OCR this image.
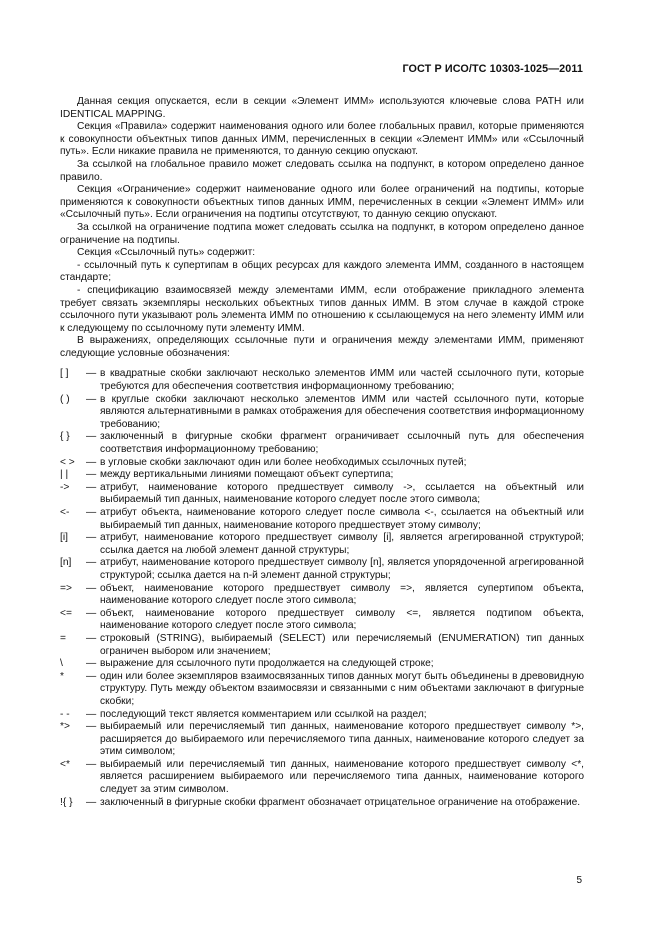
ГОСТ Р ИСО/ТС 10303-1025—2011

Данная секция опускается, если в секции «Элемент ИММ» используются ключевые слова PATH или IDENTICAL MAPPING.

Секция «Правила» содержит наименования одного или более глобальных правил, которые применяются к совокупности объектных типов данных ИММ, перечисленных в секции «Элемент ИММ» или «Ссылочный путь». Если никакие правила не применяются, то данную секцию опускают.

За ссылкой на глобальное правило может следовать ссылка на подпункт, в котором определено данное правило.

Секция «Ограничение» содержит наименование одного или более ограничений на подтипы, которые применяются к совокупности объектных типов данных ИММ, перечисленных в секции «Элемент ИММ» или «Ссылочный путь». Если ограничения на подтипы отсутствуют, то данную секцию опускают.

За ссылкой на ограничение подтипа может следовать ссылка на подпункт, в котором определено данное ограничение на подтипы.

Секция «Ссылочный путь» содержит:

- ссылочный путь к супертипам в общих ресурсах для каждого элемента ИММ, созданного в настоящем стандарте;

- спецификацию взаимосвязей между элементами ИММ, если отображение прикладного элемента требует связать экземпляры нескольких объектных типов данных ИММ. В этом случае в каждой строке ссылочного пути указывают роль элемента ИММ по отношению к ссылающемуся на него элементу ИММ или к следующему по ссылочному пути элементу ИММ.

В выражениях, определяющих ссылочные пути и ограничения между элементами ИММ, применяют следующие условные обозначения:

[ ]	— в квадратные скобки заключают несколько элементов ИММ или частей ссылочного пути, которые требуются для обеспечения соответствия информационному требованию;
( )	— в круглые скобки заключают несколько элементов ИММ или частей ссылочного пути, которые являются альтернативными в рамках отображения для обеспечения соответствия информационному требованию;
{ }	— заключенный в фигурные скобки фрагмент ограничивает ссылочный путь для обеспечения соответствия информационному требованию;
< >	— в угловые скобки заключают один или более необходимых ссылочных путей;
| |	— между вертикальными линиями помещают объект супертипа;
->	— атрибут, наименование которого предшествует символу ->, ссылается на объектный или выбираемый тип данных, наименование которого следует после этого символа;
<-	— атрибут объекта, наименование которого следует после символа <-, ссылается на объектный или выбираемый тип данных, наименование которого предшествует этому символу;
[i]	— атрибут, наименование которого предшествует символу [i], является агрегированной структурой; ссылка дается на любой элемент данной структуры;
[n]	— атрибут, наименование которого предшествует символу [n], является упорядоченной агрегированной структурой; ссылка дается на n-й элемент данной структуры;
=>	— объект, наименование которого предшествует символу =>, является супертипом объекта, наименование которого следует после этого символа;
<=	— объект, наименование которого предшествует символу <=, является подтипом объекта, наименование которого следует после этого символа;
=	— строковый (STRING), выбираемый (SELECT) или перечисляемый (ENUMERATION) тип данных ограничен выбором или значением;
\	— выражение для ссылочного пути продолжается на следующей строке;
*	— один или более экземпляров взаимосвязанных типов данных могут быть объединены в древовидную структуру. Путь между объектом взаимосвязи и связанными с ним объектами заключают в фигурные скобки;
- -	— последующий текст является комментарием или ссылкой на раздел;
*>	— выбираемый или перечисляемый тип данных, наименование которого предшествует символу *>, расширяется до выбираемого или перечисляемого типа данных, наименование которого следует за этим символом;
<*	— выбираемый или перечисляемый тип данных, наименование которого предшествует символу <*, является расширением выбираемого или перечисляемого типа данных, наименование которого следует за этим символом.
!{ }	— заключенный в фигурные скобки фрагмент обозначает отрицательное ограничение на отображение.
5
